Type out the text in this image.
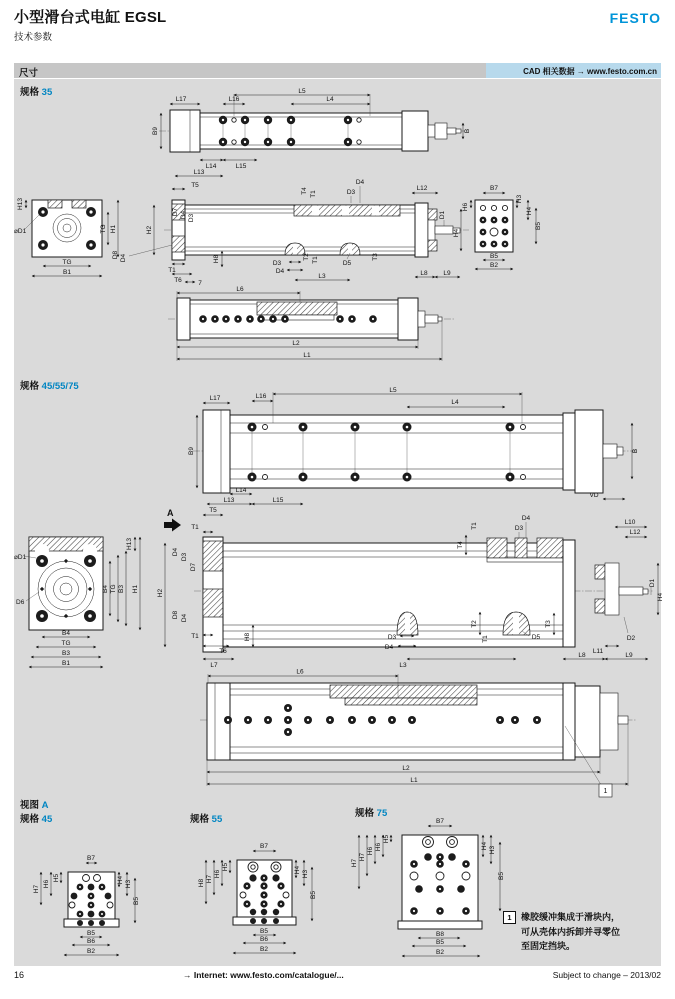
小型滑台式电缸 EGSL
技术参数
FESTO
尺寸	CAD 相关数据 → www.festo.com.cn
规格 35	L5
L17	L16	L4
B9
L14	L15
L13
B
H13
⌀D1	TG H1
TG
B1
T5
D7 D4 D3
H2
T4 T1
D4
D3
L12
D8 D4
T1
T6	7
H8
D3
D4
L3
T2 T1	D5
T3
D1
H4
L8 L9
B7
H3
H6	H4
B5
B5
B2
L6
L2
L1
规格 45/55/75
L17	L16
L5
L4
B9
L14
L13	L15
B
VD
A
H13
⌀D1
D6
B4 TG B3 H1
B4
TG
B3
B1
T5
T1
D4
D3
D7
H2
D8 D4
T1
T6
L7
H8	D3
D4
L3
T2
T1	D5
T3
T1
T4
D4
D3
L10
L12
D1
H4
D2
L11
L8	L9
L6
L2
L1
1
视图 A
规格 45	规格 55
规格 75
B7
H5
H6
H7
H4 H3
B5
B5
B6
B2
B7
H5
H6
H7
H8
H4 H3
B5
B5
B6
B2
B7
H5
H6
H6
H7
H7
H4 H3
B5
B8
B5
B2
1	橡胶缓冲集成于滑块内，
可从壳体内拆卸并寻零位
至固定挡块。
16	→ Internet: www.festo.com/catalogue/...	Subject to change – 2013/02
